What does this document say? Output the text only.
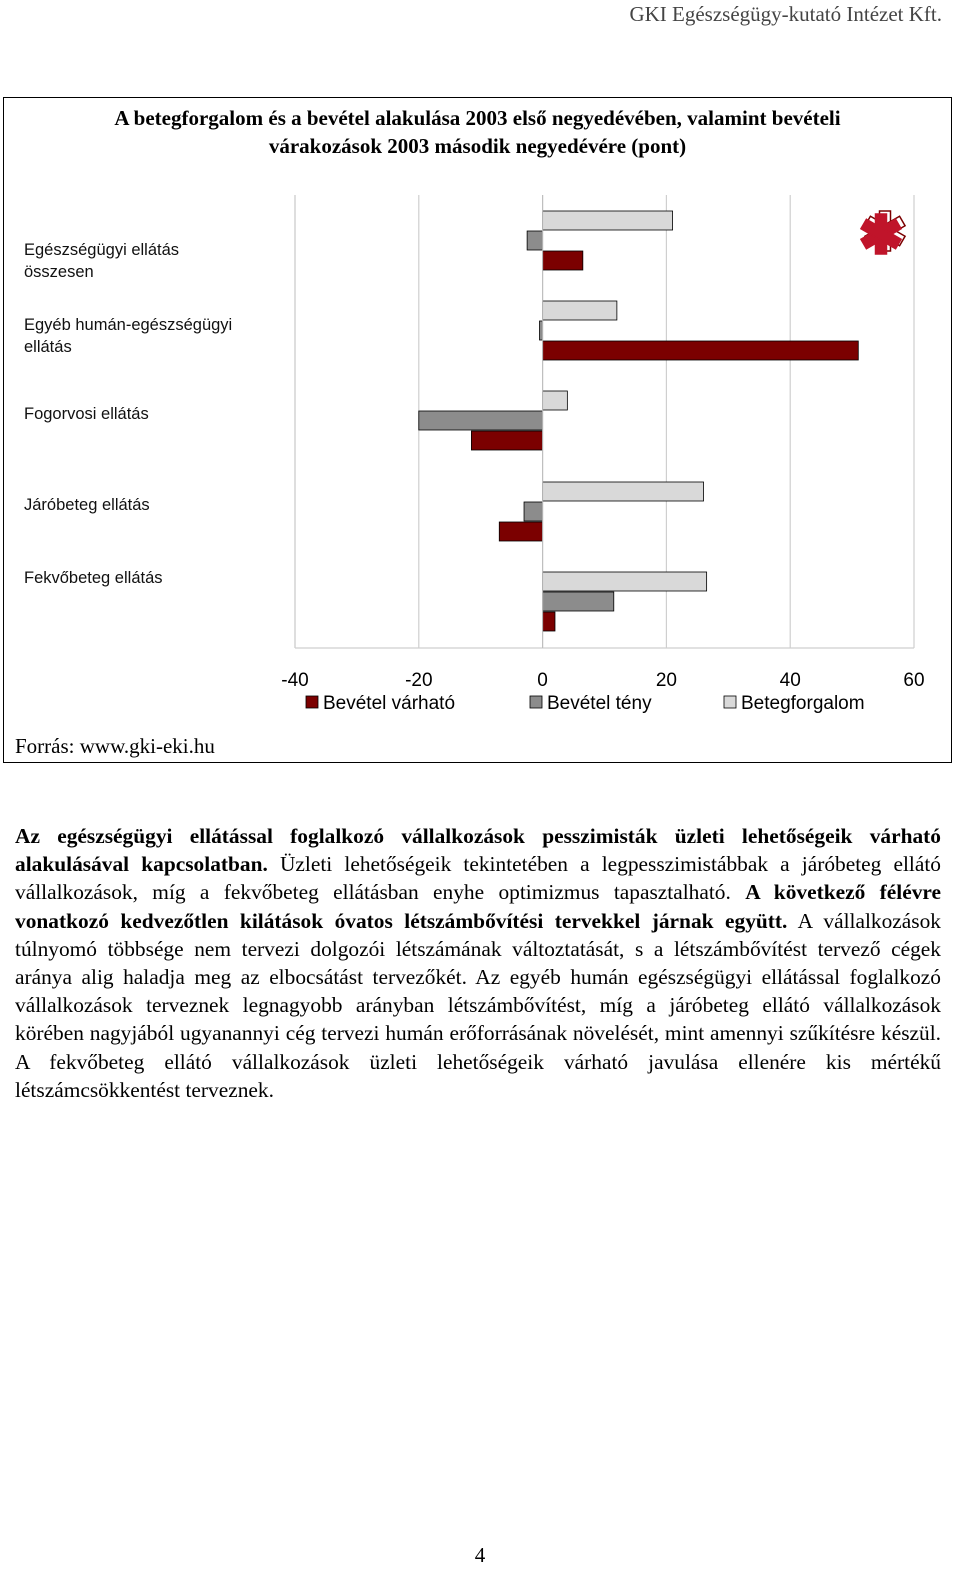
GKI Egészségügy-kutató Intézet Kft.
A betegforgalom és a bevétel alakulása 2003 első negyedévében, valamint bevételi
várakozások 2003 második negyedévére (pont)
Egészségügyi ellátás
összesen
Egyéb humán-egészségügyi
ellátás
Fogorvosi ellátás
Járóbeteg ellátás
Fekvőbeteg ellátás
-40	-20	0	20	40	60
Bevétel várható	Bevétel tény	Betegforgalom
Forrás: www.gki-eki.hu
Az egészségügyi ellátással foglalkozó vállalkozások pesszimisták üzleti lehetőségeik várható alakulásával kapcsolatban. Üzleti lehetőségeik tekintetében a legpesszimistábbak a járóbeteg ellátó vállalkozások, míg a fekvőbeteg ellátásban enyhe optimizmus tapasztalható. A következő félévre vonatkozó kedvezőtlen kilátások óvatos létszámbővítési tervekkel járnak együtt. A vállalkozások túlnyomó többsége nem tervezi dolgozói létszámának változtatását, s a létszámbővítést tervező cégek aránya alig haladja meg az elbocsátást tervezőkét. Az egyéb humán egészségügyi ellátással foglalkozó vállalkozások terveznek legnagyobb arányban létszámbővítést, míg a járóbeteg ellátó vállalkozások körében nagyjából ugyanannyi cég tervezi humán erőforrásának növelését, mint amennyi szűkítésre készül. A fekvőbeteg ellátó vállalkozások üzleti lehetőségeik várható javulása ellenére kis mértékű létszámcsökkentést terveznek.
4
